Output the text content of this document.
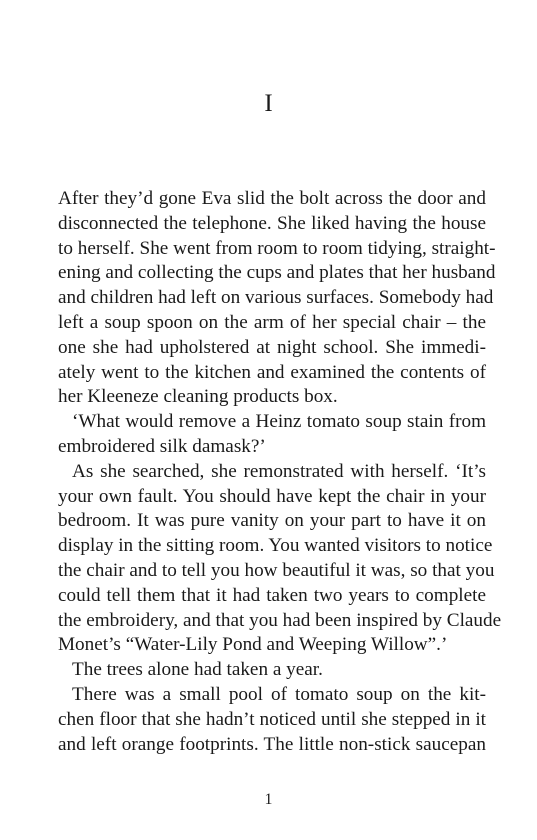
I
After they’d gone Eva slid the bolt across the door and
disconnected the telephone. She liked having the house
to herself. She went from room to room tidying, straight-
ening and collecting the cups and plates that her husband
and children had left on various surfaces. Somebody had
left a soup spoon on the arm of her special chair – the
one she had upholstered at night school. She immedi-
ately went to the kitchen and examined the contents of
her Kleeneze cleaning products box.
‘What would remove a Heinz tomato soup stain from
embroidered silk damask?’
As she searched, she remonstrated with herself. ‘It’s
your own fault. You should have kept the chair in your
bedroom. It was pure vanity on your part to have it on
display in the sitting room. You wanted visitors to notice
the chair and to tell you how beautiful it was, so that you
could tell them that it had taken two years to complete
the embroidery, and that you had been inspired by Claude
Monet’s “Water-Lily Pond and Weeping Willow”.’
The trees alone had taken a year.
There was a small pool of tomato soup on the kit-
chen floor that she hadn’t noticed until she stepped in it
and left orange footprints. The little non-stick saucepan
1
